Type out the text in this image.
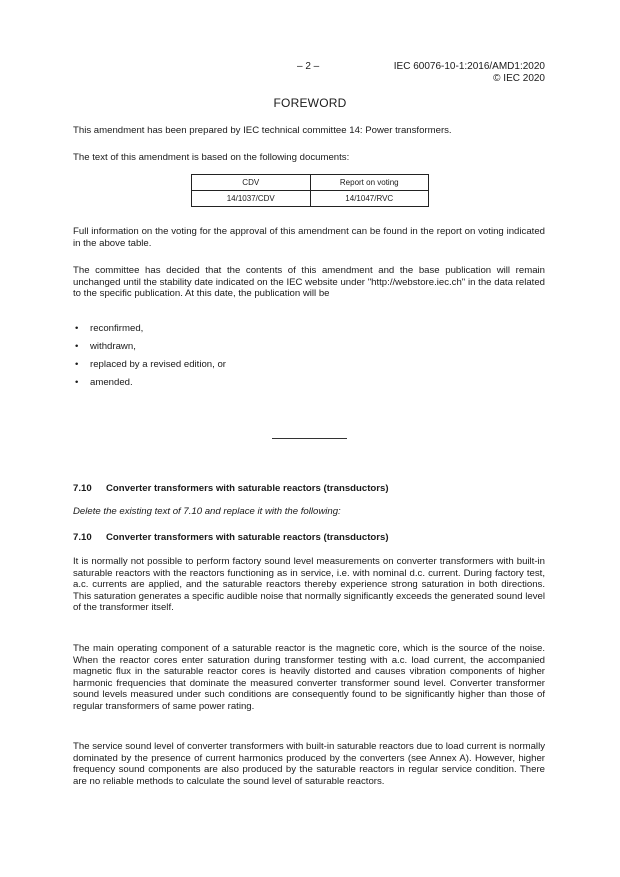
– 2 –	IEC 60076-10-1:2016/AMD1:2020
© IEC 2020
FOREWORD

This amendment has been prepared by IEC technical committee 14: Power transformers.

The text of this amendment is based on the following documents:

CDV	Report on voting
14/1037/CDV	14/1047/RVC

Full information on the voting for the approval of this amendment can be found in the report on voting indicated in the above table.

The committee has decided that the contents of this amendment and the base publication will remain unchanged until the stability date indicated on the IEC website under "http://webstore.iec.ch" in the data related to the specific publication. At this date, the publication will be

• reconfirmed,
• withdrawn,
• replaced by a revised edition, or
• amended.
7.10 Converter transformers with saturable reactors (transductors)
Delete the existing text of 7.10 and replace it with the following:
7.10 Converter transformers with saturable reactors (transductors)

It is normally not possible to perform factory sound level measurements on converter transformers with built-in saturable reactors with the reactors functioning as in service, i.e. with nominal d.c. current. During factory test, a.c. currents are applied, and the saturable reactors thereby experience strong saturation in both directions. This saturation generates a specific audible noise that normally significantly exceeds the generated sound level of the transformer itself.

The main operating component of a saturable reactor is the magnetic core, which is the source of the noise. When the reactor cores enter saturation during transformer testing with a.c. load current, the accompanied magnetic flux in the saturable reactor cores is heavily distorted and causes vibration components of higher harmonic frequencies that dominate the measured converter transformer sound level. Converter transformer sound levels measured under such conditions are consequently found to be significantly higher than those of regular transformers of same power rating.

The service sound level of converter transformers with built-in saturable reactors due to load current is normally dominated by the presence of current harmonics produced by the converters (see Annex A). However, higher frequency sound components are also produced by the saturable reactors in regular service condition. There are no reliable methods to calculate the sound level of saturable reactors.
